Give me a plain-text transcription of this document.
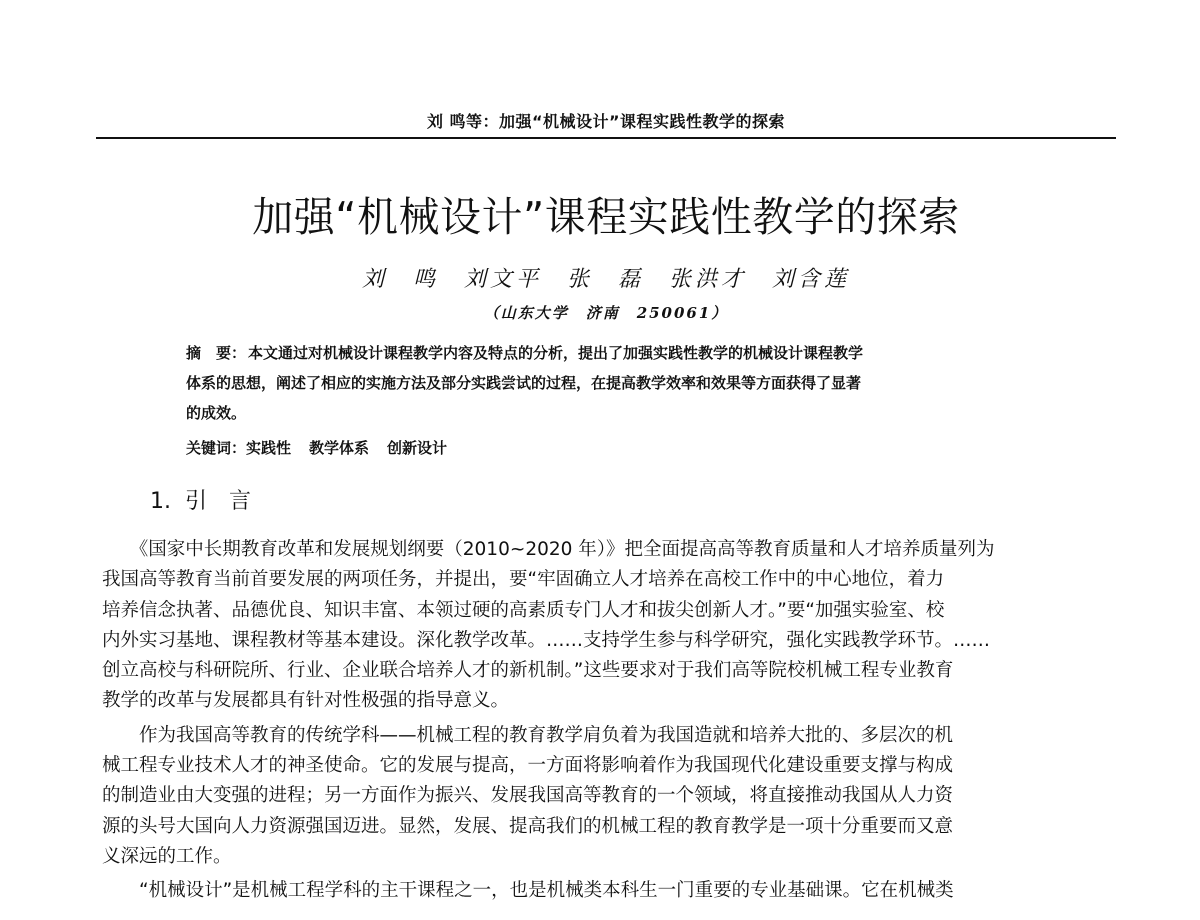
刘 鸣等：加强“机械设计”课程实践性教学的探索
加强“机械设计”课程实践性教学的探索
刘 鸣 刘文平 张 磊 张洪才 刘含莲
（山东大学　济南　250061）
摘　要： 本文通过对机械设计课程教学内容及特点的分析，提出了加强实践性教学的机械设计课程教学
体系的思想，阐述了相应的实施方法及部分实践尝试的过程，在提高教学效率和效果等方面获得了显著
的成效。
关键词：实践性 教学体系 创新设计
1. 引言
　　《国家中长期教育改革和发展规划纲要（2010~2020 年）》把全面提高高等教育质量和人才培养质量列为
我国高等教育当前首要发展的两项任务，并提出，要“牢固确立人才培养在高校工作中的中心地位，着力
培养信念执著、品德优良、知识丰富、本领过硬的高素质专门人才和拔尖创新人才。”要“加强实验室、校
内外实习基地、课程教材等基本建设。深化教学改革。……支持学生参与科学研究，强化实践教学环节。……
创立高校与科研院所、行业、企业联合培养人才的新机制。”这些要求对于我们高等院校机械工程专业教育
教学的改革与发展都具有针对性极强的指导意义。
　　作为我国高等教育的传统学科——机械工程的教育教学肩负着为我国造就和培养大批的、多层次的机
械工程专业技术人才的神圣使命。它的发展与提高，一方面将影响着作为我国现代化建设重要支撑与构成
的制造业由大变强的进程；另一方面作为振兴、发展我国高等教育的一个领域，将直接推动我国从人力资
源的头号大国向人力资源强国迈进。显然，发展、提高我们的机械工程的教育教学是一项十分重要而又意
义深远的工作。
　　“机械设计”是机械工程学科的主干课程之一，也是机械类本科生一门重要的专业基础课。它在机械类
